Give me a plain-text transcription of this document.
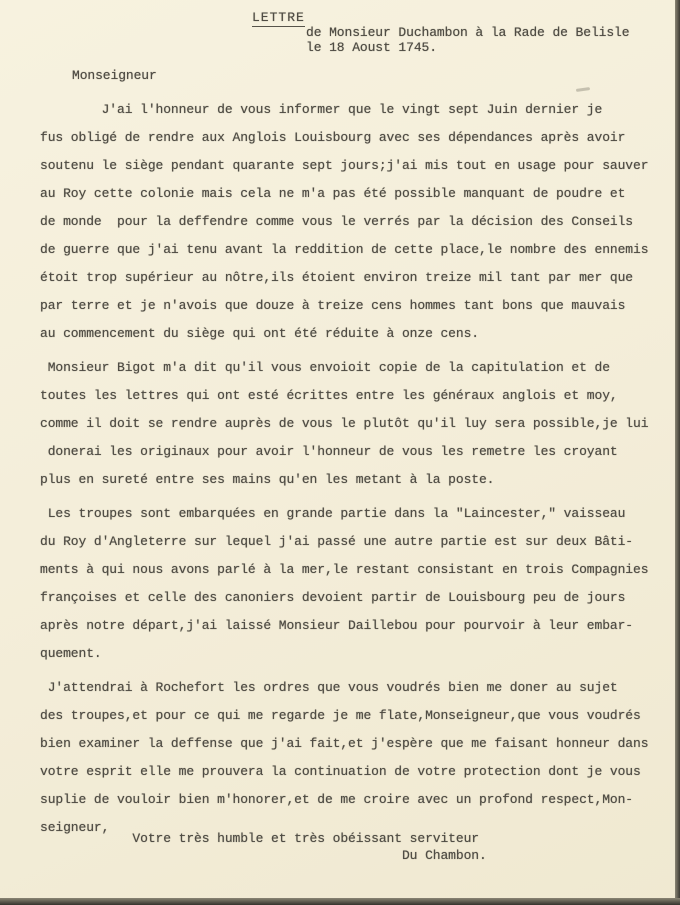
LETTRE
de Monsieur Duchambon à la Rade de Belisle
le 18 Aoust 1745.
Monseigneur
J'ai l'honneur de vous informer que le vingt sept Juin dernier je
fus obligé de rendre aux Anglois Louisbourg avec ses dépendances après avoir
soutenu le siège pendant quarante sept jours;j'ai mis tout en usage pour sauver
au Roy cette colonie mais cela ne m'a pas été possible manquant de poudre et
de monde  pour la deffendre comme vous le verrés par la décision des Conseils
de guerre que j'ai tenu avant la reddition de cette place,le nombre des ennemis
étoit trop supérieur au nôtre,ils étoient environ treize mil tant par mer que
par terre et je n'avois que douze à treize cens hommes tant bons que mauvais
au commencement du siège qui ont été réduite à onze cens.
Monsieur Bigot m'a dit qu'il vous envoioit copie de la capitulation et de
toutes les lettres qui ont esté écrittes entre les généraux anglois et moy,
comme il doit se rendre auprès de vous le plutôt qu'il luy sera possible,je lui
donerai les originaux pour avoir l'honneur de vous les remetre les croyant
plus en sureté entre ses mains qu'en les metant à la poste.
Les troupes sont embarquées en grande partie dans la "Laincester," vaisseau
du Roy d'Angleterre sur lequel j'ai passé une autre partie est sur deux Bâti-
ments à qui nous avons parlé à la mer,le restant consistant en trois Compagnies
françoises et celle des canoniers devoient partir de Louisbourg peu de jours
après notre départ,j'ai laissé Monsieur Daillebou pour pourvoir à leur embar-
quement.
J'attendrai à Rochefort les ordres que vous voudrés bien me doner au sujet
des troupes,et pour ce qui me regarde je me flate,Monseigneur,que vous voudrés
bien examiner la deffense que j'ai fait,et j'espère que me faisant honneur dans
votre esprit elle me prouvera la continuation de votre protection dont je vous
suplie de vouloir bien m'honorer,et de me croire avec un profond respect,Mon-
seigneur,
Votre très humble et très obéissant serviteur
Du Chambon.
